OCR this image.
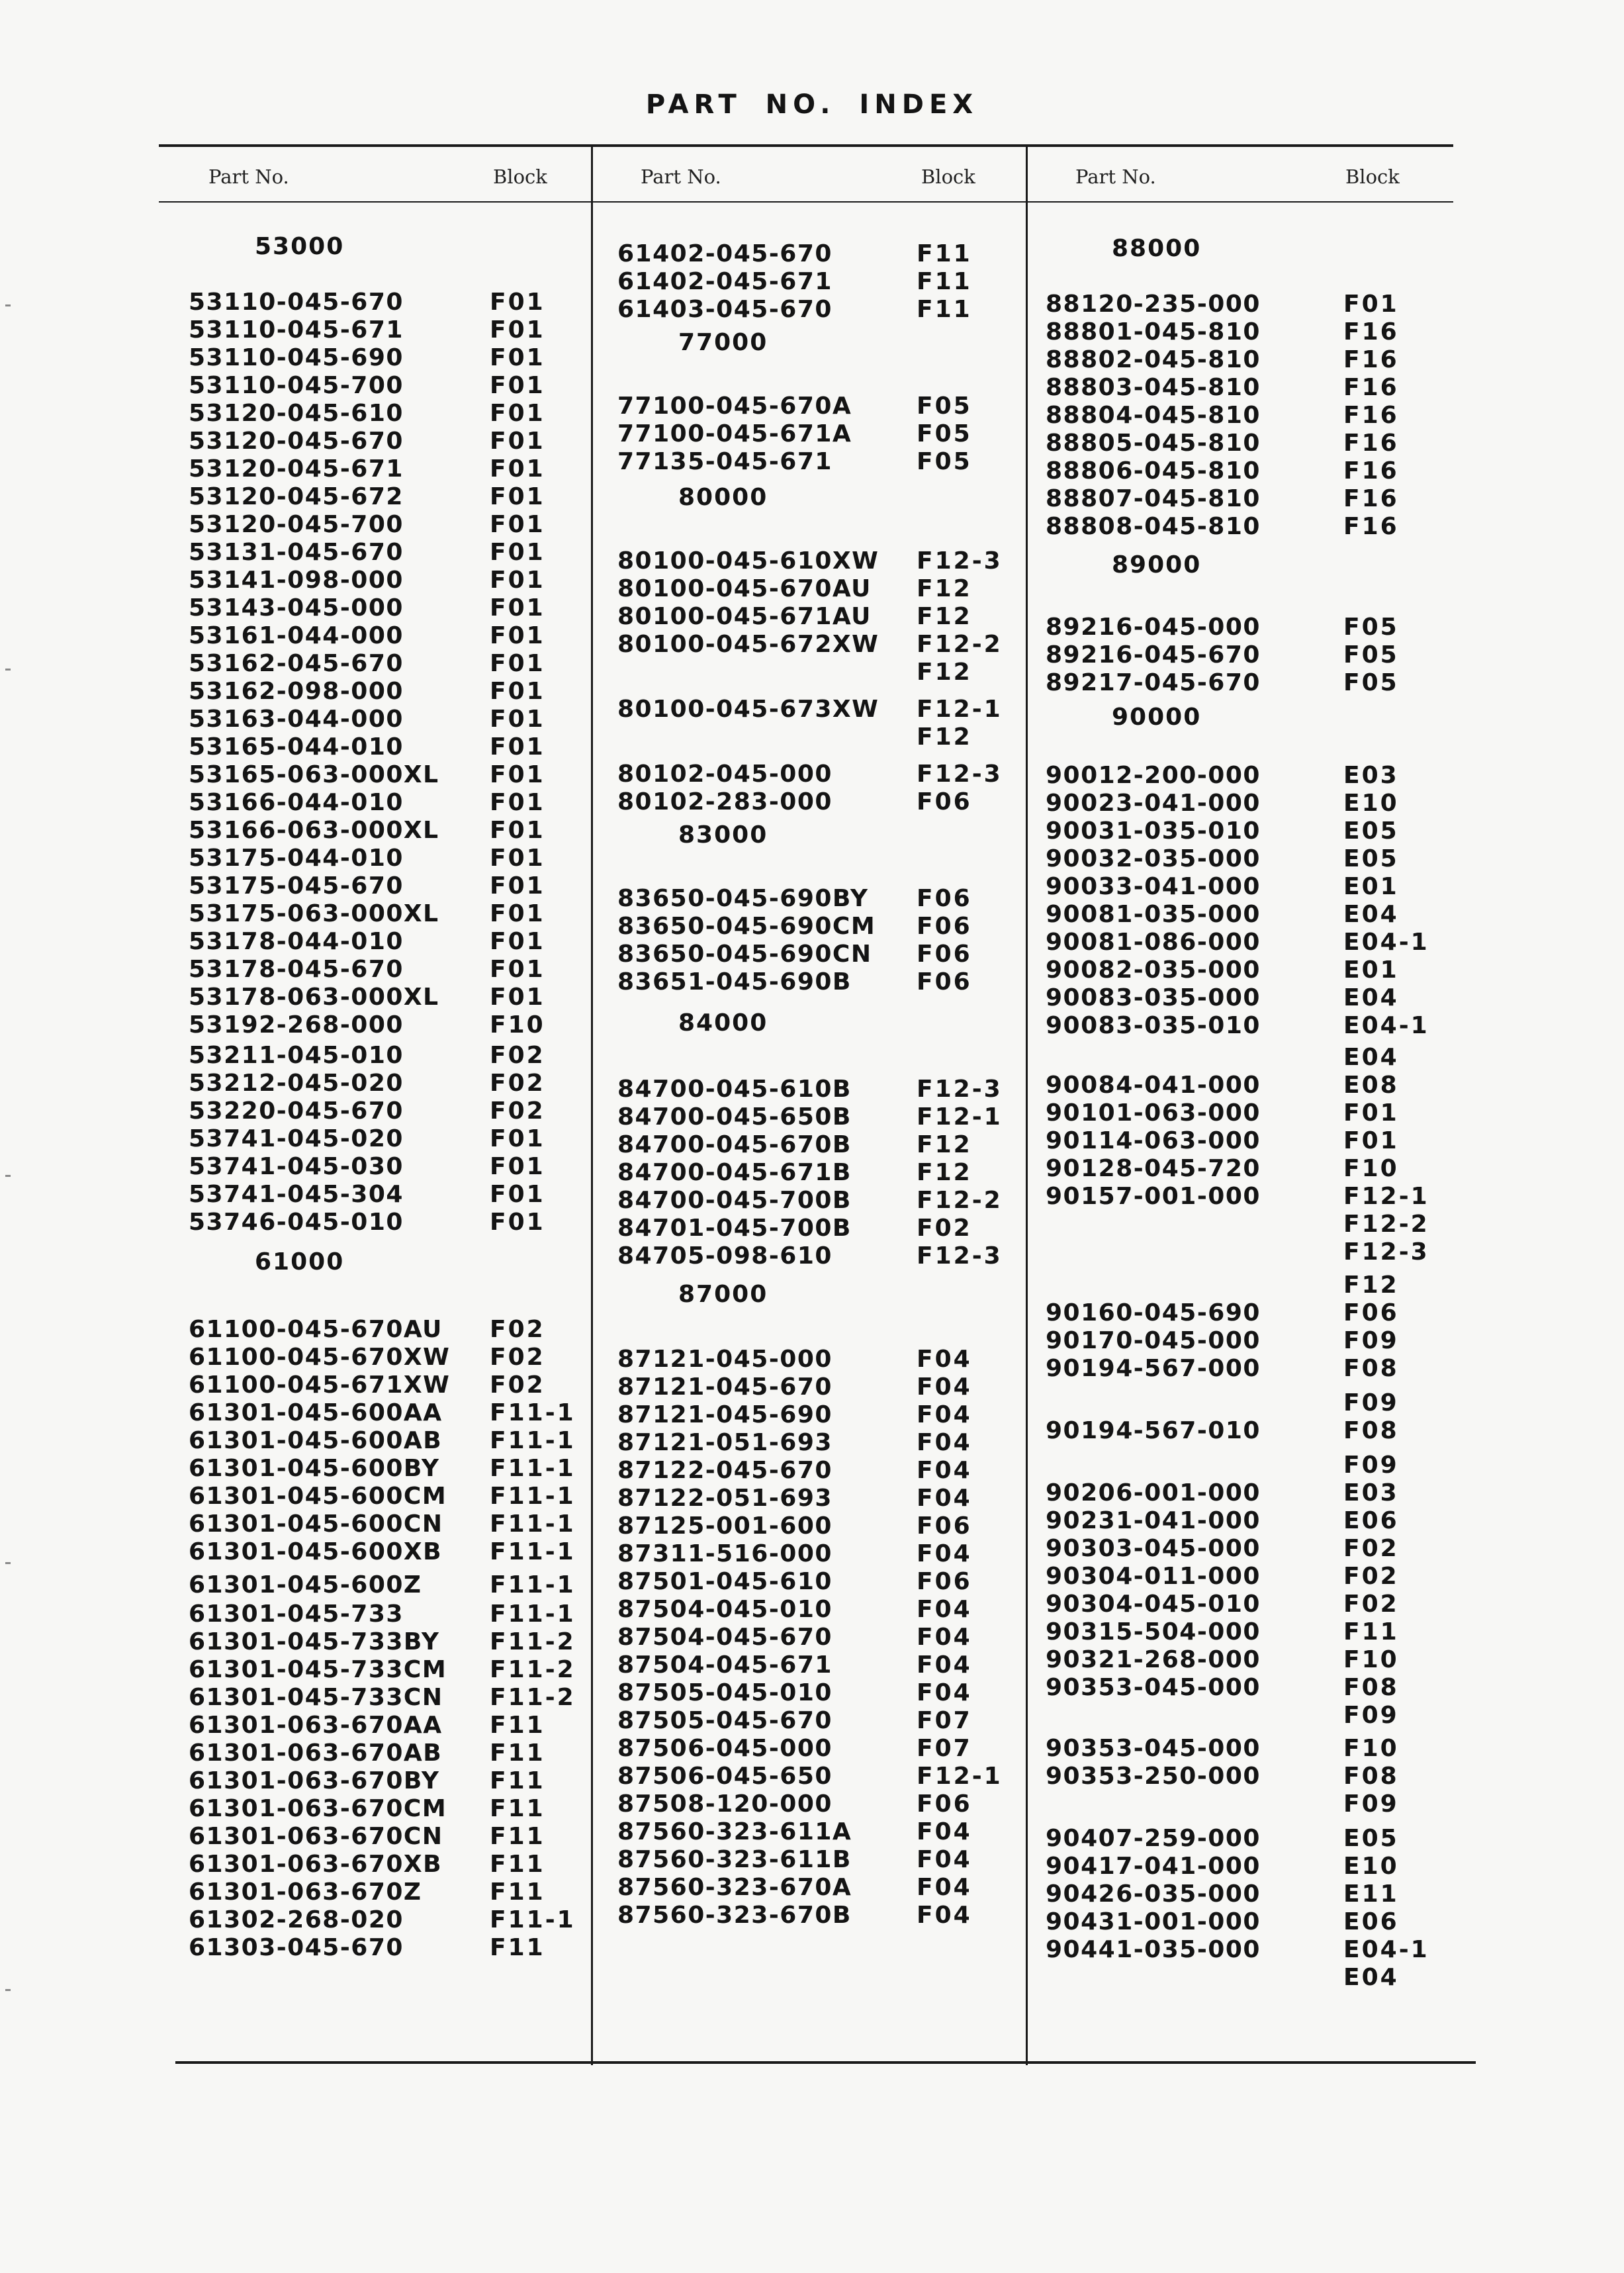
PART NO. INDEX
Part No.	Block	Part No.	Block	Part No.	Block
53000
53110-045-670	F01
53110-045-671	F01
53110-045-690	F01
53110-045-700	F01
53120-045-610	F01
53120-045-670	F01
53120-045-671	F01
53120-045-672	F01
53120-045-700	F01
53131-045-670	F01
53141-098-000	F01
53143-045-000	F01
53161-044-000	F01
53162-045-670	F01
53162-098-000	F01
53163-044-000	F01
53165-044-010	F01
53165-063-000XL F01
53166-044-010	F01
53166-063-000XL F01
53175-044-010	F01
53175-045-670	F01
53175-063-000XL F01
53178-044-010	F01
53178-045-670	F01
53178-063-000XL F01
53192-268-000	F10
53211-045-010	F02
53212-045-020	F02
53220-045-670	F02
53741-045-020	F01
53741-045-030	F01
53741-045-304	F01
53746-045-010	F01
61000
61100-045-670AU F02
61100-045-670XW F02
61100-045-671XW F02
61301-045-600AA F11-1
61301-045-600AB F11-1
61301-045-600BY F11-1
61301-045-600CM F11-1
61301-045-600CN F11-1
61301-045-600XB F11-1
61301-045-600Z	F11-1
61301-045-733	F11-1
61301-045-733BY F11-2
61301-045-733CM F11-2
61301-045-733CN F11-2
61301-063-670AA F11
61301-063-670AB F11
61301-063-670BY F11
61301-063-670CM F11
61301-063-670CN F11
61301-063-670XB F11
61301-063-670Z	F11
61302-268-020	F11-1
61303-045-670	F11
61402-045-670	F11
61402-045-671	F11
61403-045-670	F11
77000
77100-045-670A	F05
77100-045-671A	F05
77135-045-671	F05
80000
80100-045-610XW F12-3
80100-045-670AU F12
80100-045-671AU F12
80100-045-672XW F12-2
F12
80100-045-673XW F12-1
F12
80102-045-000	F12-3
80102-283-000	F06
83000
83650-045-690BY F06
83650-045-690CM F06
83650-045-690CN F06
83651-045-690B	F06
84000
84700-045-610B	F12-3
84700-045-650B	F12-1
84700-045-670B	F12
84700-045-671B	F12
84700-045-700B	F12-2
84701-045-700B	F02
84705-098-610	F12-3
87000
87121-045-000	F04
87121-045-670	F04
87121-045-690	F04
87121-051-693	F04
87122-045-670	F04
87122-051-693	F04
87125-001-600	F06
87311-516-000	F04
87501-045-610	F06
87504-045-010	F04
87504-045-670	F04
87504-045-671	F04
87505-045-010	F04
87505-045-670	F07
87506-045-000	F07
87506-045-650	F12-1
87508-120-000	F06
87560-323-611A	F04
87560-323-611B	F04
87560-323-670A	F04
87560-323-670B	F04
88000
88120-235-000	F01
88801-045-810	F16
88802-045-810	F16
88803-045-810	F16
88804-045-810	F16
88805-045-810	F16
88806-045-810	F16
88807-045-810	F16
88808-045-810	F16
89000
89216-045-000	F05
89216-045-670	F05
89217-045-670	F05
90000
90012-200-000	E03
90023-041-000	E10
90031-035-010	E05
90032-035-000	E05
90033-041-000	E01
90081-035-000	E04
90081-086-000	E04-1
90082-035-000	E01
90083-035-000	E04
90083-035-010	E04-1
E04
90084-041-000	E08
90101-063-000	F01
90114-063-000	F01
90128-045-720	F10
90157-001-000	F12-1
F12-2
F12-3
F12
90160-045-690	F06
90170-045-000	F09
90194-567-000	F08
F09
90194-567-010	F08
F09
90206-001-000	E03
90231-041-000	E06
90303-045-000	F02
90304-011-000	F02
90304-045-010	F02
90315-504-000	F11
90321-268-000	F10
90353-045-000	F08
F09
90353-045-000	F10
90353-250-000	F08
F09
90407-259-000	E05
90417-041-000	E10
90426-035-000	E11
90431-001-000	E06
90441-035-000	E04-1
E04
